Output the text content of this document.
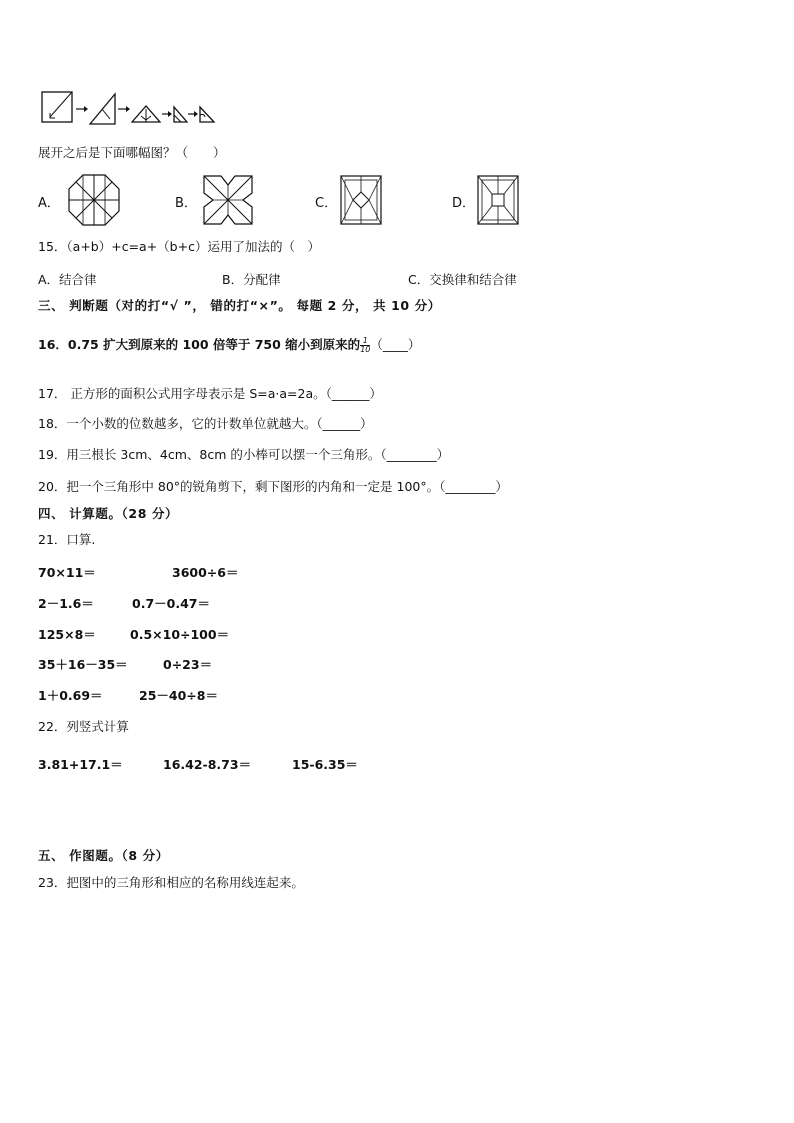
展开之后是下面哪幅图？（　　）
A．	B．	C．	D．
15．（a+b）+c=a+（b+c）运用了加法的（　）
A．结合律	B．分配律	C．交换律和结合律
三、 判断题（对的打“√ ”， 错的打“×”。 每题 2 分， 共 10 分）
16．0.75 扩大到原来的 100 倍等于 750 缩小到原来的 $\frac{1}{10}$ （____）
17． 正方形的面积公式用字母表示是 S=a·a=2a。（______）
18．一个小数的位数越多，它的计数单位就越大。（______）
19．用三根长 3cm、4cm、8cm 的小棒可以摆一个三角形。（________）
20．把一个三角形中 80°的锐角剪下，剩下图形的内角和一定是 100°。（________）
四、 计算题。（28 分）
21．口算.
70×11＝	3600÷6＝
2－1.6＝	0.7－0.47＝
125×8＝	0.5×10÷100＝
35＋16－35＝	0÷23＝
1＋0.69＝	25－40÷8＝
22．列竖式计算
3.81+17.1＝	16.42-8.73＝	15-6.35＝
五、 作图题。（8 分）
23．把图中的三角形和相应的名称用线连起来。
